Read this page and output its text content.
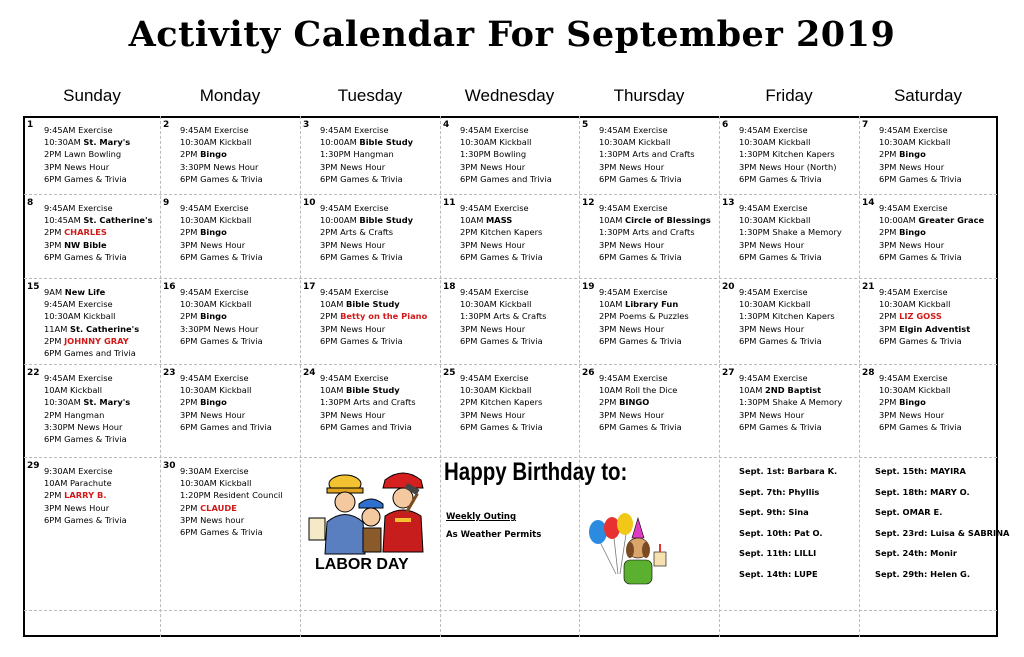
Activity Calendar For September 2019
Sunday	Monday	Tuesday	Wednesday	Thursday	Friday	Saturday
1 9:45AM Exercise
10:30AM St. Mary's
2PM Lawn Bowling
3PM News Hour
6PM Games & Trivia
2 9:45AM Exercise
10:30AM Kickball
2PM Bingo
3:30PM News Hour
6PM Games & Trivia
3 9:45AM Exercise
10:00AM Bible Study
1:30PM Hangman
3PM News Hour
6PM Games & Trivia
4 9:45AM Exercise
10:30AM Kickball
1:30PM Bowling
3PM News Hour
6PM Games and Trivia
5 9:45AM Exercise
10:30AM Kickball
1:30PM Arts and Crafts
3PM News Hour
6PM Games & Trivia
6 9:45AM Exercise
10:30AM Kickball
1:30PM Kitchen Kapers
3PM News Hour (North)
6PM Games & Trivia
7 9:45AM Exercise
10:30AM Kickball
2PM Bingo
3PM News Hour
6PM Games & Trivia
8 9:45AM Exercise
10:45AM St. Catherine's
2PM CHARLES
3PM NW Bible
6PM Games & Trivia
9 9:45AM Exercise
10:30AM Kickball
2PM Bingo
3PM News Hour
6PM Games & Trivia
10 9:45AM Exercise
10:00AM Bible Study
2PM Arts & Crafts
3PM News Hour
6PM Games & Trivia
11 9:45AM Exercise
10AM MASS
2PM Kitchen Kapers
3PM News Hour
6PM Games & Trivia
12 9:45AM Exercise
10AM Circle of Blessings
1:30PM Arts and Crafts
3PM News Hour
6PM Games & Trivia
13 9:45AM Exercise
10:30AM Kickball
1:30PM Shake a Memory
3PM News Hour
6PM Games & Trivia
14 9:45AM Exercise
10:00AM Greater Grace
2PM Bingo
3PM News Hour
6PM Games & Trivia
15 9AM New Life
9:45AM Exercise
10:30AM Kickball
11AM St. Catherine's
2PM JOHNNY GRAY
6PM Games and Trivia
16 9:45AM Exercise
10:30AM Kickball
2PM Bingo
3:30PM News Hour
6PM Games & Trivia
17 9:45AM Exercise
10AM Bible Study
2PM Betty on the Piano
3PM News Hour
6PM Games & Trivia
18 9:45AM Exercise
10:30AM Kickball
1:30PM Arts & Crafts
3PM News Hour
6PM Games & Trivia
19 9:45AM Exercise
10AM Library Fun
2PM Poems & Puzzles
3PM News Hour
6PM Games & Trivia
20 9:45AM Exercise
10:30AM Kickball
1:30PM Kitchen Kapers
3PM News Hour
6PM Games & Trivia
21 9:45AM Exercise
10:30AM Kickball
2PM LIZ GOSS
3PM Elgin Adventist
6PM Games & Trivia
22 9:45AM Exercise
10AM Kickball
10:30AM St. Mary's
2PM Hangman
3:30PM News Hour
6PM Games & Trivia
23 9:45AM Exercise
10:30AM Kickball
2PM Bingo
3PM News Hour
6PM Games and Trivia
24 9:45AM Exercise
10AM Bible Study
1:30PM Arts and Crafts
3PM News Hour
6PM Games and Trivia
25 9:45AM Exercise
10:30AM Kickball
2PM Kitchen Kapers
3PM News Hour
6PM Games & Trivia
26 9:45AM Exercise
10AM Roll the Dice
2PM BINGO
3PM News Hour
6PM Games & Trivia
27 9:45AM Exercise
10AM 2ND Baptist
1:30PM Shake A Memory
3PM News Hour
6PM Games & Trivia
28 9:45AM Exercise
10:30AM Kickball
2PM Bingo
3PM News Hour
6PM Games & Trivia
29 9:30AM Exercise
10AM Parachute
2PM LARRY B.
3PM News Hour
6PM Games & Trivia
30 9:30AM Exercise
10:30AM Kickball
1:20PM Resident Council
2PM CLAUDE
3PM News hour
6PM Games & Trivia
LABOR DAY
Happy Birthday to:
Weekly Outing
As Weather Permits
Sept. 1st: Barbara K.
Sept. 7th: Phyllis
Sept. 9th: Sina
Sept. 10th: Pat O.
Sept. 11th: LILLI
Sept. 14th: LUPE
Sept. 15th: MAYIRA
Sept. 18th: MARY O.
Sept. OMAR E.
Sept. 23rd: Luisa & SABRINA
Sept. 24th: Monir
Sept. 29th: Helen G.
